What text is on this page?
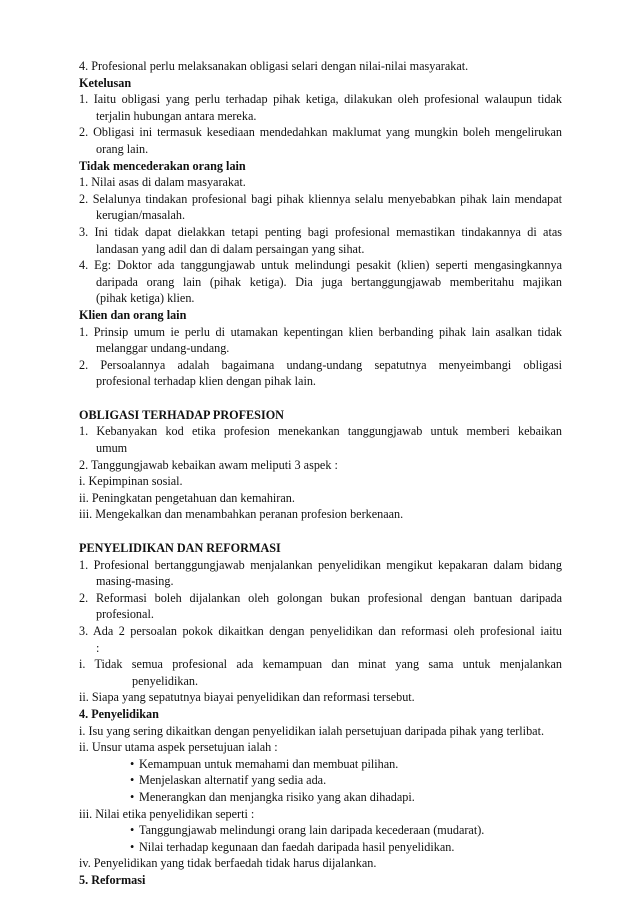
4. Profesional perlu melaksanakan obligasi selari dengan nilai-nilai masyarakat.
Ketelusan
1. Iaitu obligasi yang perlu terhadap pihak ketiga, dilakukan oleh profesional walaupun tidak
terjalin hubungan antara mereka.
2. Obligasi ini termasuk kesediaan mendedahkan maklumat yang mungkin boleh mengelirukan
orang lain.
Tidak mencederakan orang lain
1. Nilai asas di dalam masyarakat.
2. Selalunya tindakan profesional bagi pihak kliennya selalu menyebabkan pihak lain mendapat
kerugian/masalah.
3. Ini tidak dapat dielakkan tetapi penting bagi profesional memastikan tindakannya di atas
landasan yang adil dan di dalam persaingan yang sihat.
4. Eg: Doktor ada tanggungjawab untuk melindungi pesakit (klien) seperti mengasingkannya
daripada orang lain (pihak ketiga). Dia juga bertanggungjawab memberitahu majikan
(pihak ketiga) klien.
Klien dan orang lain
1. Prinsip umum ie perlu di utamakan kepentingan klien berbanding pihak lain asalkan tidak
melanggar undang-undang.
2. Persoalannya adalah bagaimana undang-undang sepatutnya menyeimbangi obligasi
profesional terhadap klien dengan pihak lain.
OBLIGASI TERHADAP PROFESION
1. Kebanyakan kod etika profesion menekankan tanggungjawab untuk memberi kebaikan
umum
2. Tanggungjawab kebaikan awam meliputi 3 aspek :
i. Kepimpinan sosial.
ii. Peningkatan pengetahuan dan kemahiran.
iii. Mengekalkan dan menambahkan peranan profesion berkenaan.
PENYELIDIKAN DAN REFORMASI
1. Profesional bertanggungjawab menjalankan penyelidikan mengikut kepakaran dalam bidang
masing-masing.
2. Reformasi boleh dijalankan oleh golongan bukan profesional dengan bantuan daripada
profesional.
3. Ada 2 persoalan pokok dikaitkan dengan penyelidikan dan reformasi oleh profesional iaitu
:
i. Tidak semua profesional ada kemampuan dan minat yang sama untuk menjalankan
penyelidikan.
ii. Siapa yang sepatutnya biayai penyelidikan dan reformasi tersebut.
4. Penyelidikan
i. Isu yang sering dikaitkan dengan penyelidikan ialah persetujuan daripada pihak yang terlibat.
ii. Unsur utama aspek persetujuan ialah :
• Kemampuan untuk memahami dan membuat pilihan.
• Menjelaskan alternatif yang sedia ada.
• Menerangkan dan menjangka risiko yang akan dihadapi.
iii. Nilai etika penyelidikan seperti :
• Tanggungjawab melindungi orang lain daripada kecederaan (mudarat).
• Nilai terhadap kegunaan dan faedah daripada hasil penyelidikan.
iv. Penyelidikan yang tidak berfaedah tidak harus dijalankan.
5. Reformasi
